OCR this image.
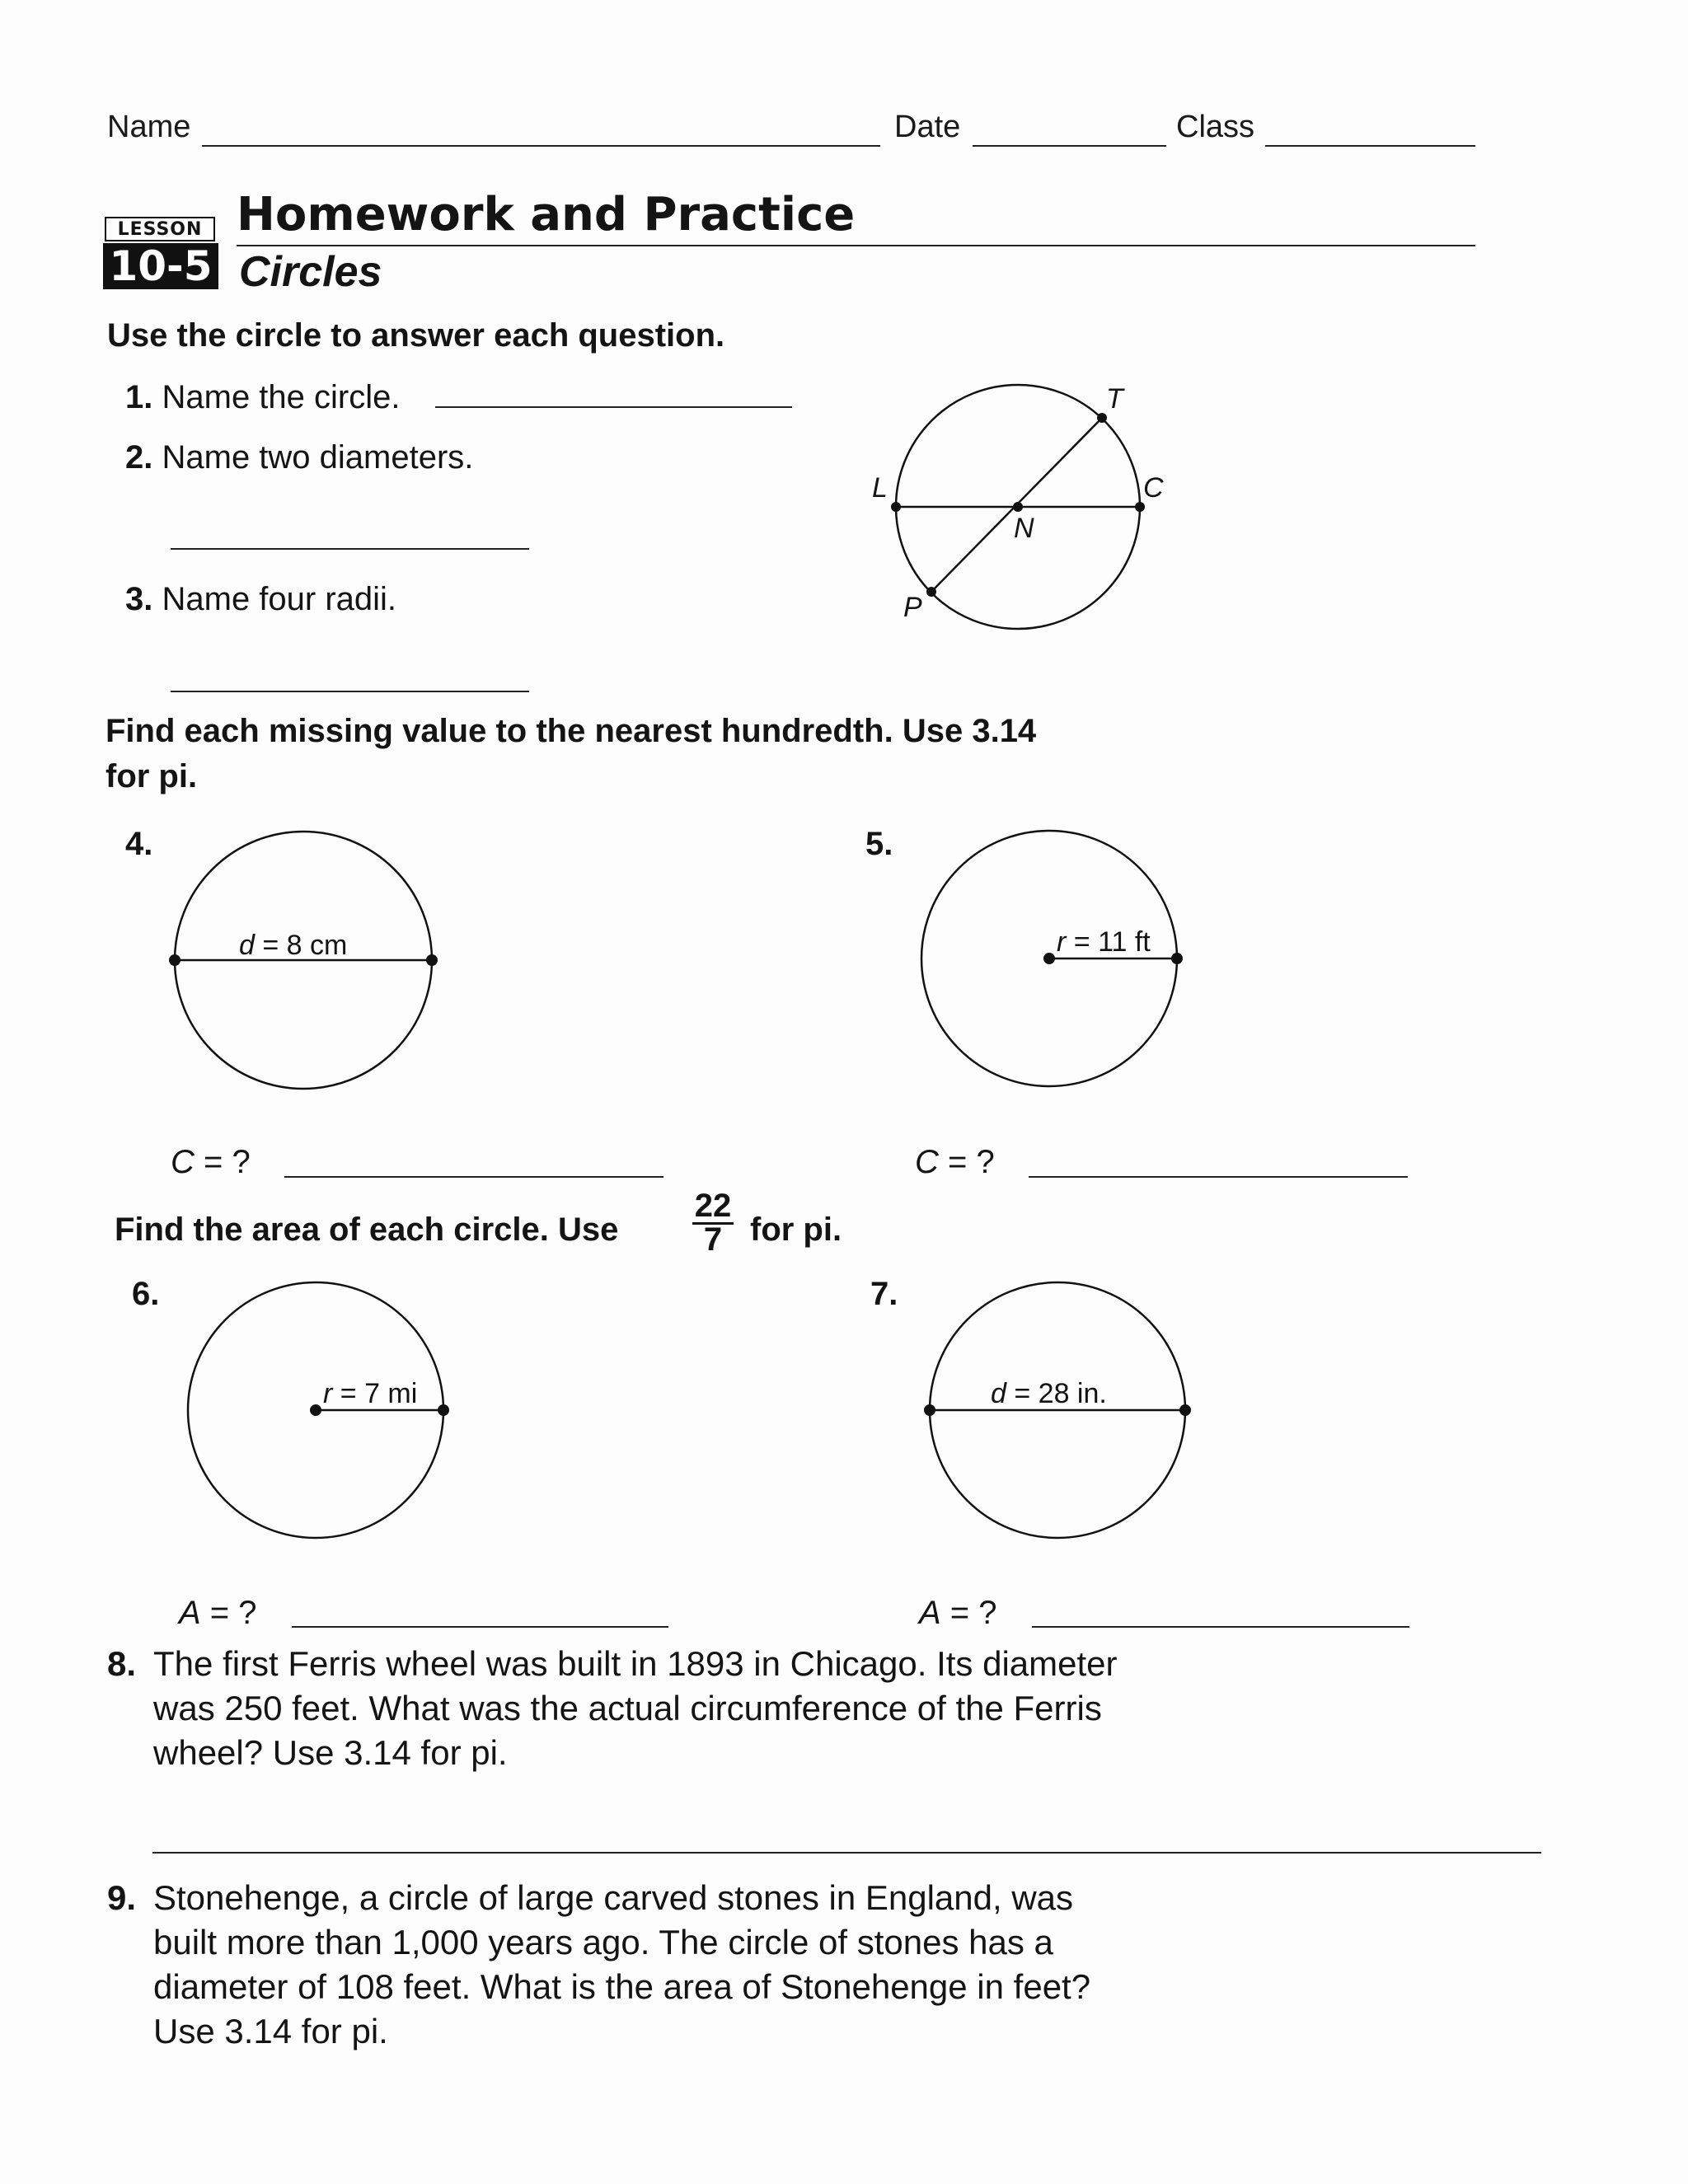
Name	Date	Class
LESSON
10-5
Homework and Practice
Circles
Use the circle to answer each question.
1. Name the circle.
2. Name two diameters.
3. Name four radii.
T
L	C
N
P
Find each missing value to the nearest hundredth. Use 3.14
for pi.
4.
d = 8 cm
C = ?
5.
r = 11 ft
C = ?
Find the area of each circle. Use $\frac{22}{7}$ for pi.
6.
r = 7 mi
A = ?
7.
d = 28 in.
A = ?
8. The first Ferris wheel was built in 1893 in Chicago. Its diameter
was 250 feet. What was the actual circumference of the Ferris
wheel? Use 3.14 for pi.
9. Stonehenge, a circle of large carved stones in England, was
built more than 1,000 years ago. The circle of stones has a
diameter of 108 feet. What is the area of Stonehenge in feet?
Use 3.14 for pi.
